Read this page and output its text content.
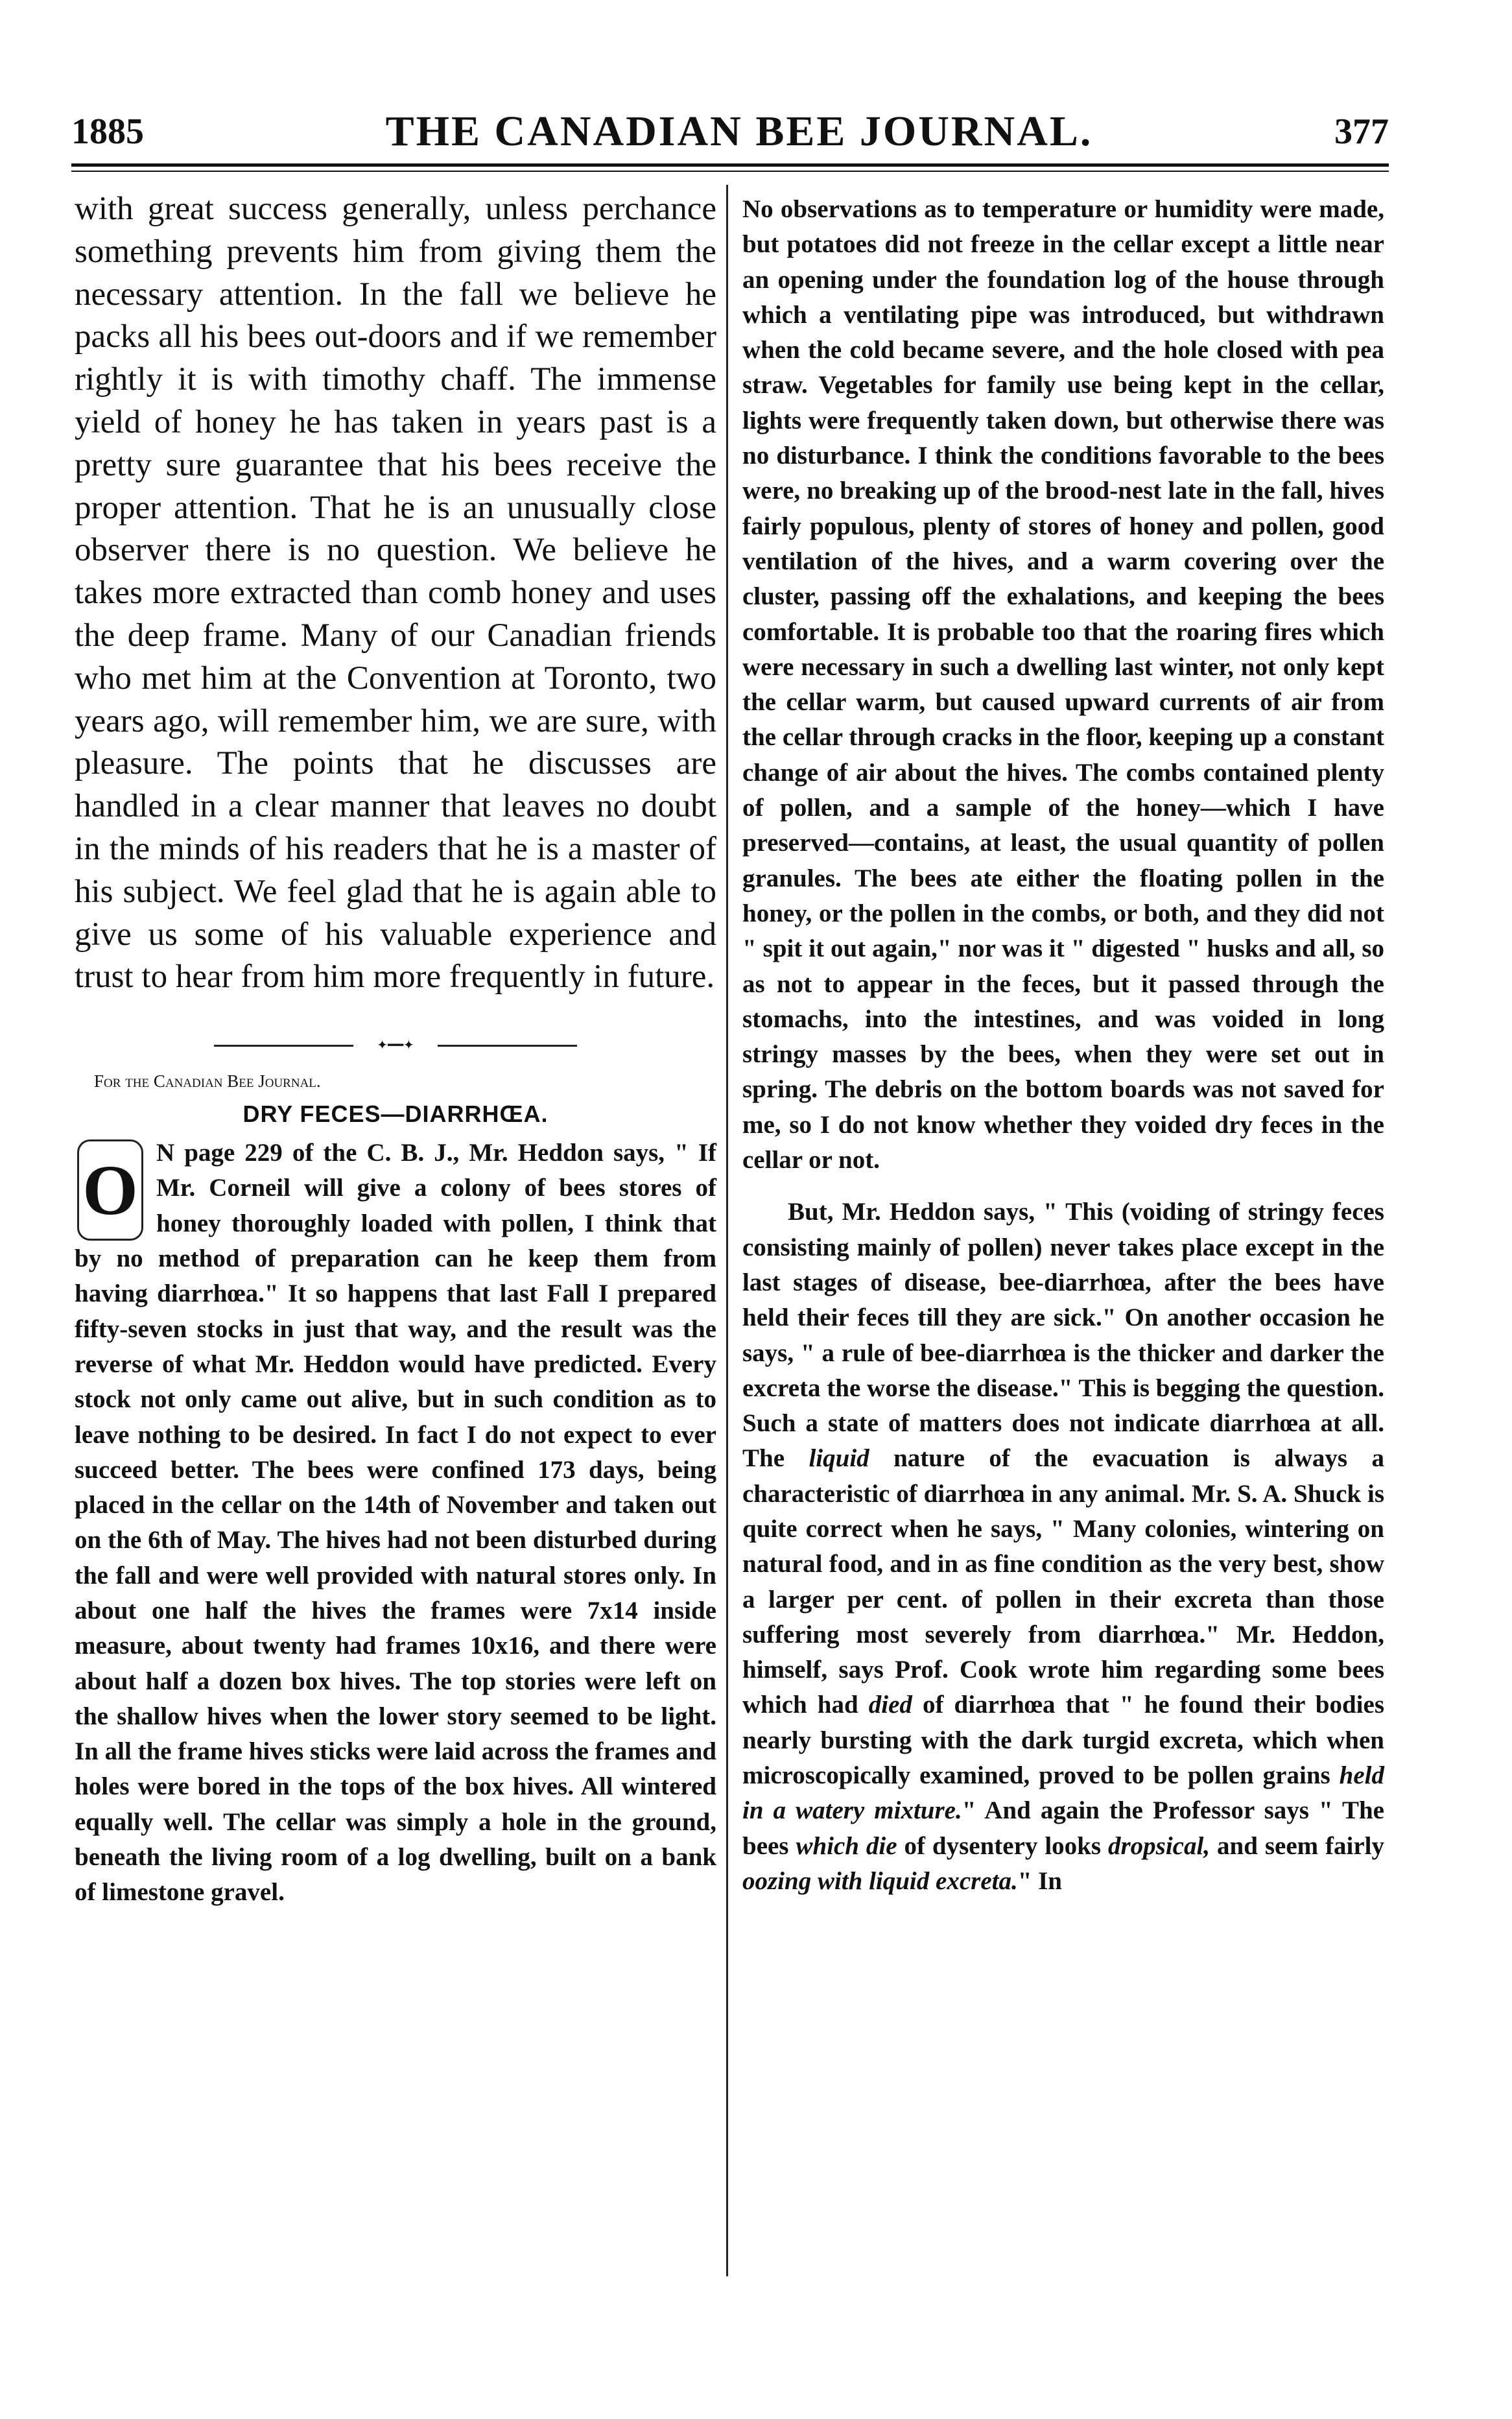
1885	THE CANADIAN BEE JOURNAL.	377

with great success generally, unless perchance something prevents him from giving them the necessary attention. In the fall we believe he packs all his bees out-doors and if we remember rightly it is with timothy chaff. The immense yield of honey he has taken in years past is a pretty sure guarantee that his bees receive the proper attention. That he is an unusually close observer there is no question. We believe he takes more extracted than comb honey and uses the deep frame. Many of our Canadian friends who met him at the Convention at Toronto, two years ago, will remember him, we are sure, with pleasure. The points that he discusses are handled in a clear manner that leaves no doubt in the minds of his readers that he is a master of his subject. We feel glad that he is again able to give us some of his valuable experience and trust to hear from him more frequently in future.

✦━━✦
For the Canadian Bee Journal.
DRY FECES—DIARRHŒA.
O N page 229 of the C. B. J., Mr. Heddon says, " If Mr. Corneil will give a colony of bees stores of honey thoroughly loaded with pollen, I think that by no method of preparation can he keep them from having diarrhœa." It so happens that last Fall I prepared fifty-seven stocks in just that way, and the result was the reverse of what Mr. Heddon would have predicted. Every stock not only came out alive, but in such condition as to leave nothing to be desired. In fact I do not expect to ever succeed better. The bees were confined 173 days, being placed in the cellar on the 14th of November and taken out on the 6th of May. The hives had not been disturbed during the fall and were well provided with natural stores only. In about one half the hives the frames were 7x14 inside measure, about twenty had frames 10x16, and there were about half a dozen box hives. The top stories were left on the shallow hives when the lower story seemed to be light. In all the frame hives sticks were laid across the frames and holes were bored in the tops of the box hives. All wintered equally well. The cellar was simply a hole in the ground, beneath the living room of a log dwelling, built on a bank of limestone gravel.

No observations as to temperature or humidity were made, but potatoes did not freeze in the cellar except a little near an opening under the foundation log of the house through which a ventilating pipe was introduced, but withdrawn when the cold became severe, and the hole closed with pea straw. Vegetables for family use being kept in the cellar, lights were frequently taken down, but otherwise there was no disturbance. I think the conditions favorable to the bees were, no breaking up of the brood-nest late in the fall, hives fairly populous, plenty of stores of honey and pollen, good ventilation of the hives, and a warm covering over the cluster, passing off the exhalations, and keeping the bees comfortable. It is probable too that the roaring fires which were necessary in such a dwelling last winter, not only kept the cellar warm, but caused upward currents of air from the cellar through cracks in the floor, keeping up a constant change of air about the hives. The combs contained plenty of pollen, and a sample of the honey—which I have preserved—contains, at least, the usual quantity of pollen granules. The bees ate either the floating pollen in the honey, or the pollen in the combs, or both, and they did not " spit it out again," nor was it " digested " husks and all, so as not to appear in the feces, but it passed through the stomachs, into the intestines, and was voided in long stringy masses by the bees, when they were set out in spring. The debris on the bottom boards was not saved for me, so I do not know whether they voided dry feces in the cellar or not.

But, Mr. Heddon says, " This (voiding of stringy feces consisting mainly of pollen) never takes place except in the last stages of disease, bee-diarrhœa, after the bees have held their feces till they are sick." On another occasion he says, " a rule of bee-diarrhœa is the thicker and darker the excreta the worse the disease." This is begging the question. Such a state of matters does not indicate diarrhœa at all. The liquid nature of the evacuation is always a characteristic of diarrhœa in any animal. Mr. S. A. Shuck is quite correct when he says, " Many colonies, wintering on natural food, and in as fine condition as the very best, show a larger per cent. of pollen in their excreta than those suffering most severely from diarrhœa." Mr. Heddon, himself, says Prof. Cook wrote him regarding some bees which had died of diarrhœa that " he found their bodies nearly bursting with the dark turgid excreta, which when microscopically examined, proved to be pollen grains held in a watery mixture." And again the Professor says " The bees which die of dysentery looks dropsical, and seem fairly oozing with liquid excreta." In
